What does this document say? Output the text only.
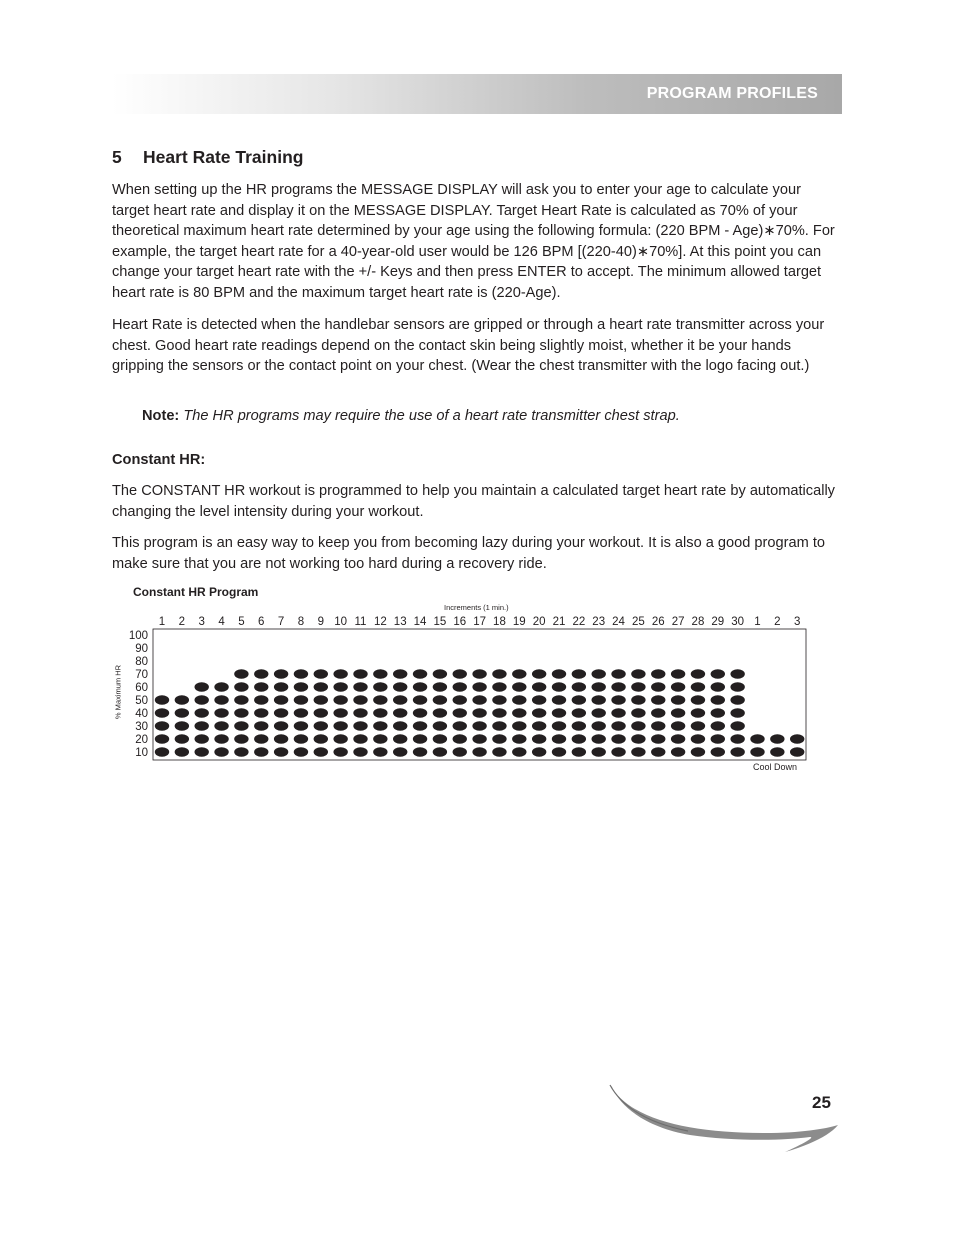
PROGRAM PROFILES
5 Heart Rate Training

When setting up the HR programs the MESSAGE DISPLAY will ask you to enter your age to calculate your target heart rate and display it on the MESSAGE DISPLAY. Target Heart Rate is calculated as 70% of your theoretical maximum heart rate determined by your age using the following formula: (220 BPM - Age)∗70%. For example, the target heart rate for a 40-year-old user would be 126 BPM [(220-40)∗70%]. At this point you can change your target heart rate with the +/- Keys and then press ENTER to accept. The minimum allowed target heart rate is 80 BPM and the maximum target heart rate is (220-Age).

Heart Rate is detected when the handlebar sensors are gripped or through a heart rate transmitter across your chest. Good heart rate readings depend on the contact skin being slightly moist, whether it be your hands gripping the sensors or the contact point on your chest. (Wear the chest transmitter with the logo facing out.)

Note: The HR programs may require the use of a heart rate transmitter chest strap.
Constant HR:

The CONSTANT HR workout is programmed to help you maintain a calculated target heart rate by automatically changing the level intensity during your workout.

This program is an easy way to keep you from becoming lazy during your workout. It is also a good program to make sure that you are not working too hard during a recovery ride.

Constant HR Program
Increments (1 min.)
% Maximum HR
Cool Down
1 2 3 4 5 6 7 8 9 10 11 12 13 14 15 16 17 18 19 20 21 22 23 24 25 26 27 28 29 30 1 2 3
100
90
80
70
60
50
40
30
20
10
25
